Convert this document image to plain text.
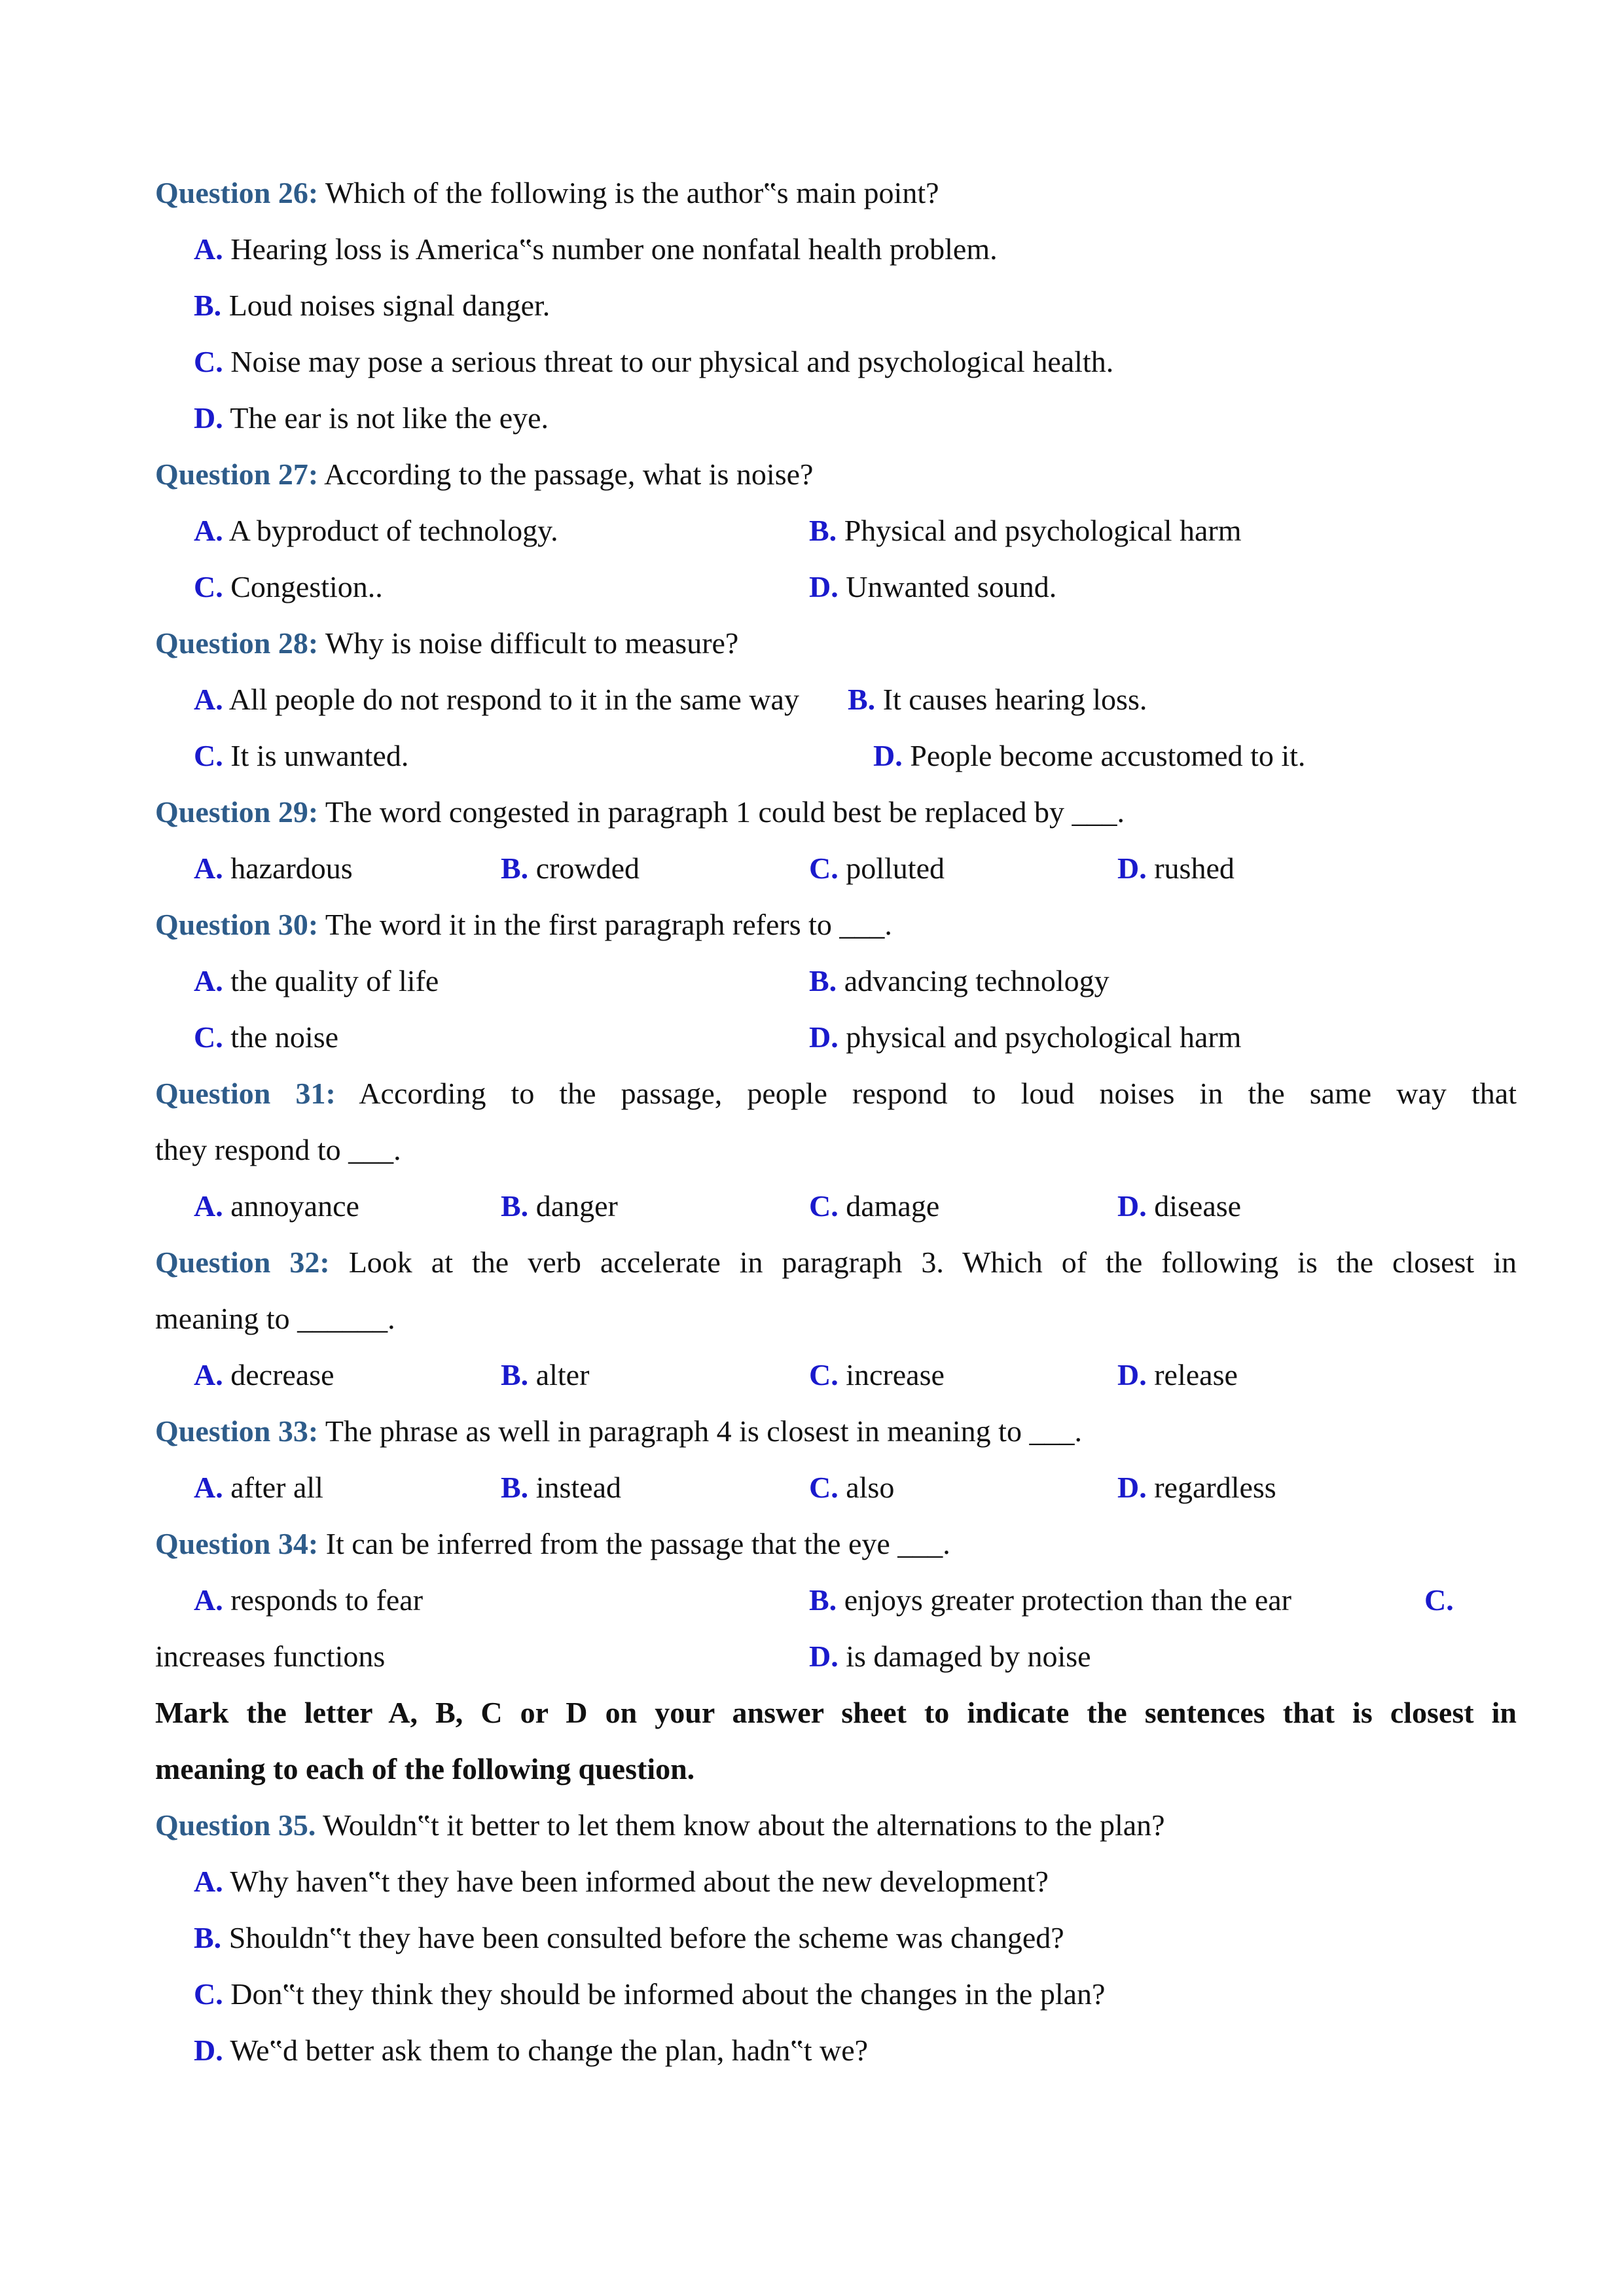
Question 26: Which of the following is the author‟s main point?
A. Hearing loss is America‟s number one nonfatal health problem.
B. Loud noises signal danger.
C. Noise may pose a serious threat to our physical and psychological health.
D. The ear is not like the eye.
Question 27: According to the passage, what is noise?
A. A byproduct of technology.	B. Physical and psychological harm
C. Congestion..	D. Unwanted sound.
Question 28: Why is noise difficult to measure?
A. All people do not respond to it in the same way B. It causes hearing loss.
C. It is unwanted.	D. People become accustomed to it.
Question 29: The word congested in paragraph 1 could best be replaced by ___.
A. hazardous	B. crowded	C. polluted	D. rushed
Question 30: The word it in the first paragraph refers to ___.
A. the quality of life	B. advancing technology
C. the noise	D. physical and psychological harm
Question 31: According to the passage, people respond to loud noises in the same way that
they respond to ___.
A. annoyance	B. danger	C. damage	D. disease
Question 32: Look at the verb accelerate in paragraph 3. Which of the following is the closest in
meaning to ______.
A. decrease	B. alter	C. increase	D. release
Question 33: The phrase as well in paragraph 4 is closest in meaning to ___.
A. after all	B. instead	C. also	D. regardless
Question 34: It can be inferred from the passage that the eye ___.
A. responds to fear	B. enjoys greater protection than the ear	C.
increases functions	D. is damaged by noise
Mark the letter A, B, C or D on your answer sheet to indicate the sentences that is closest in
meaning to each of the following question.
Question 35. Wouldn‟t it better to let them know about the alternations to the plan?
A. Why haven‟t they have been informed about the new development?
B. Shouldn‟t they have been consulted before the scheme was changed?
C. Don‟t they think they should be informed about the changes in the plan?
D. We‟d better ask them to change the plan, hadn‟t we?
